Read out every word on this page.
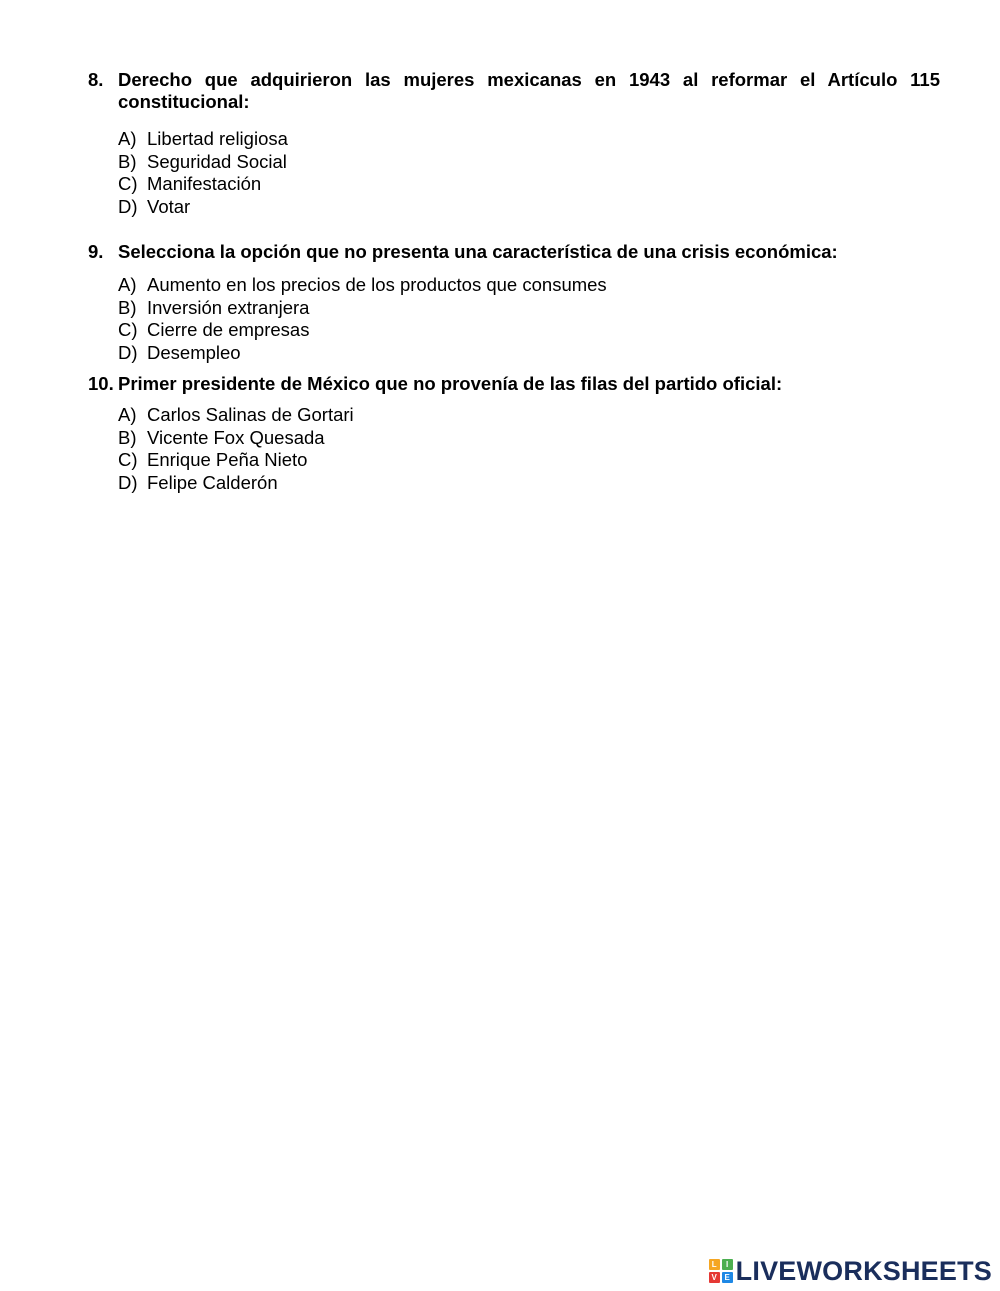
8. Derecho que adquirieron las mujeres mexicanas en 1943 al reformar el Artículo 115 constitucional:
A) Libertad religiosa
B) Seguridad Social
C) Manifestación
D) Votar
9. Selecciona la opción que no presenta una característica de una crisis económica:
A) Aumento en los precios de los productos que consumes
B) Inversión extranjera
C) Cierre de empresas
D) Desempleo
10. Primer presidente de México que no provenía de las filas del partido oficial:
A) Carlos Salinas de Gortari
B) Vicente Fox Quesada
C) Enrique Peña Nieto
D) Felipe Calderón
L	I
V E LIVEWORKSHEETS
